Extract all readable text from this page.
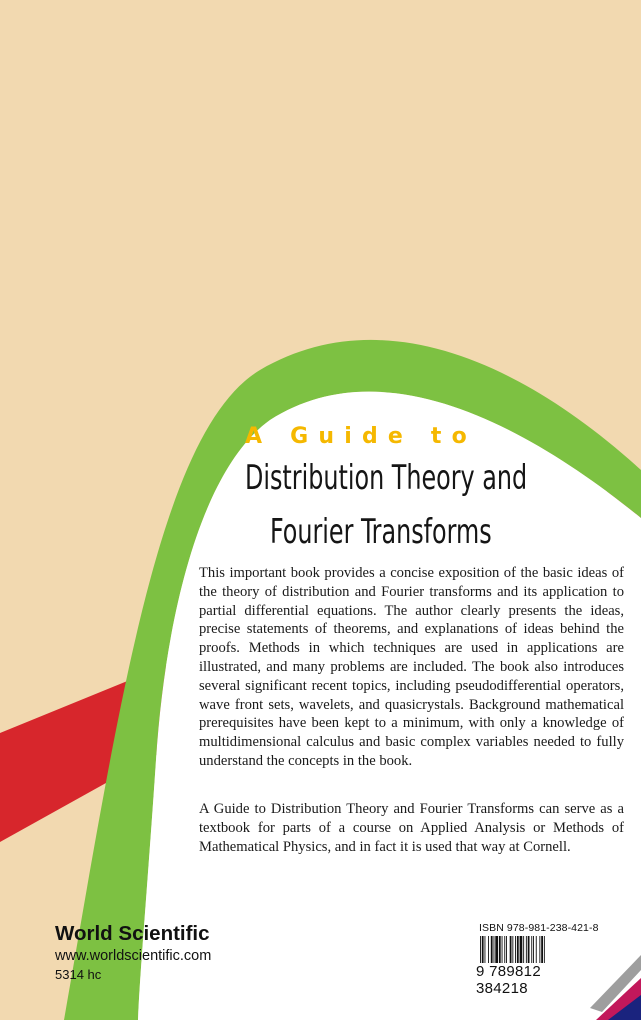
A Guide to
Distribution Theory and
Fourier Transforms
This important book provides a concise exposition of the basic ideas of the theory of distribution and Fourier transforms and its application to partial differential equations. The author clearly presents the ideas, precise statements of theorems, and explanations of ideas behind the proofs. Methods in which techniques are used in applications are illustrated, and many problems are included. The book also introduces several significant recent topics, including pseudodifferential operators, wave front sets, wavelets, and quasicrystals. Background mathematical prerequisites have been kept to a minimum, with only a knowledge of multidimensional calculus and basic complex variables needed to fully understand the concepts in the book.
A Guide to Distribution Theory and Fourier Transforms can serve as a textbook for parts of a course on Applied Analysis or Methods of Mathematical Physics, and in fact it is used that way at Cornell.
World Scientific
www.worldscientific.com
5314 hc
ISBN 978-981-238-421-8
9 789812 384218
